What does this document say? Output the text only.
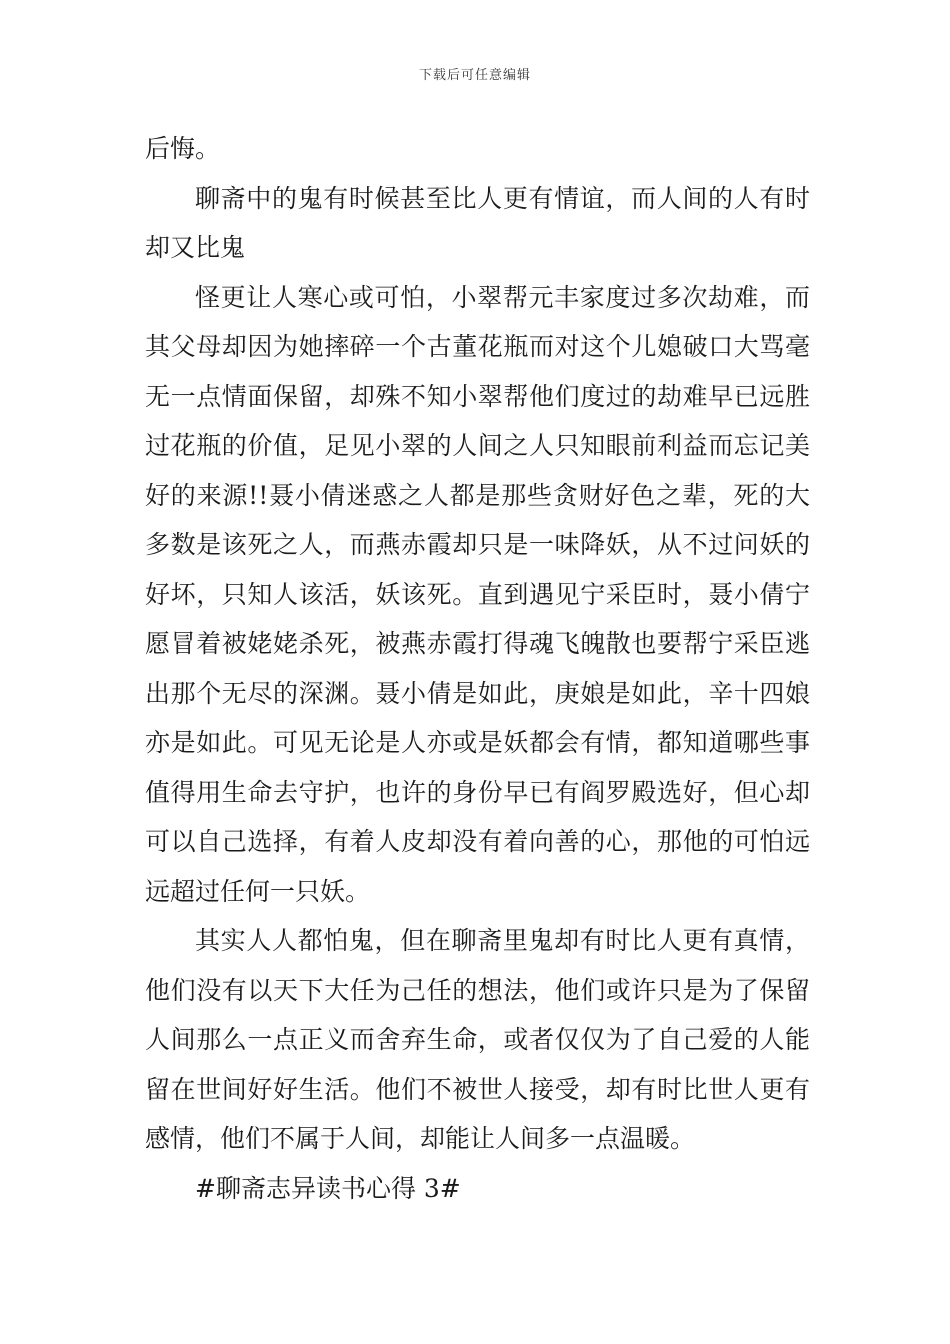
下载后可任意编辑

后悔。

聊斋中的鬼有时候甚至比人更有情谊，而人间的人有时却又比鬼

怪更让人寒心或可怕，小翠帮元丰家度过多次劫难，而其父母却因为她摔碎一个古董花瓶而对这个儿媳破口大骂毫无一点情面保留，却殊不知小翠帮他们度过的劫难早已远胜过花瓶的价值，足见小翠的人间之人只知眼前利益而忘记美好的来源!!聂小倩迷惑之人都是那些贪财好色之辈，死的大多数是该死之人，而燕赤霞却只是一味降妖，从不过问妖的好坏，只知人该活，妖该死。直到遇见宁采臣时，聂小倩宁愿冒着被姥姥杀死，被燕赤霞打得魂飞魄散也要帮宁采臣逃出那个无尽的深渊。聂小倩是如此，庚娘是如此，辛十四娘亦是如此。可见无论是人亦或是妖都会有情，都知道哪些事值得用生命去守护，也许的身份早已有阎罗殿选好，但心却可以自己选择，有着人皮却没有着向善的心，那他的可怕远远超过任何一只妖。

其实人人都怕鬼，但在聊斋里鬼却有时比人更有真情，他们没有以天下大任为己任的想法，他们或许只是为了保留人间那么一点正义而舍弃生命，或者仅仅为了自己爱的人能留在世间好好生活。他们不被世人接受，却有时比世人更有感情，他们不属于人间，却能让人间多一点温暖。

#聊斋志异读书心得 3#
